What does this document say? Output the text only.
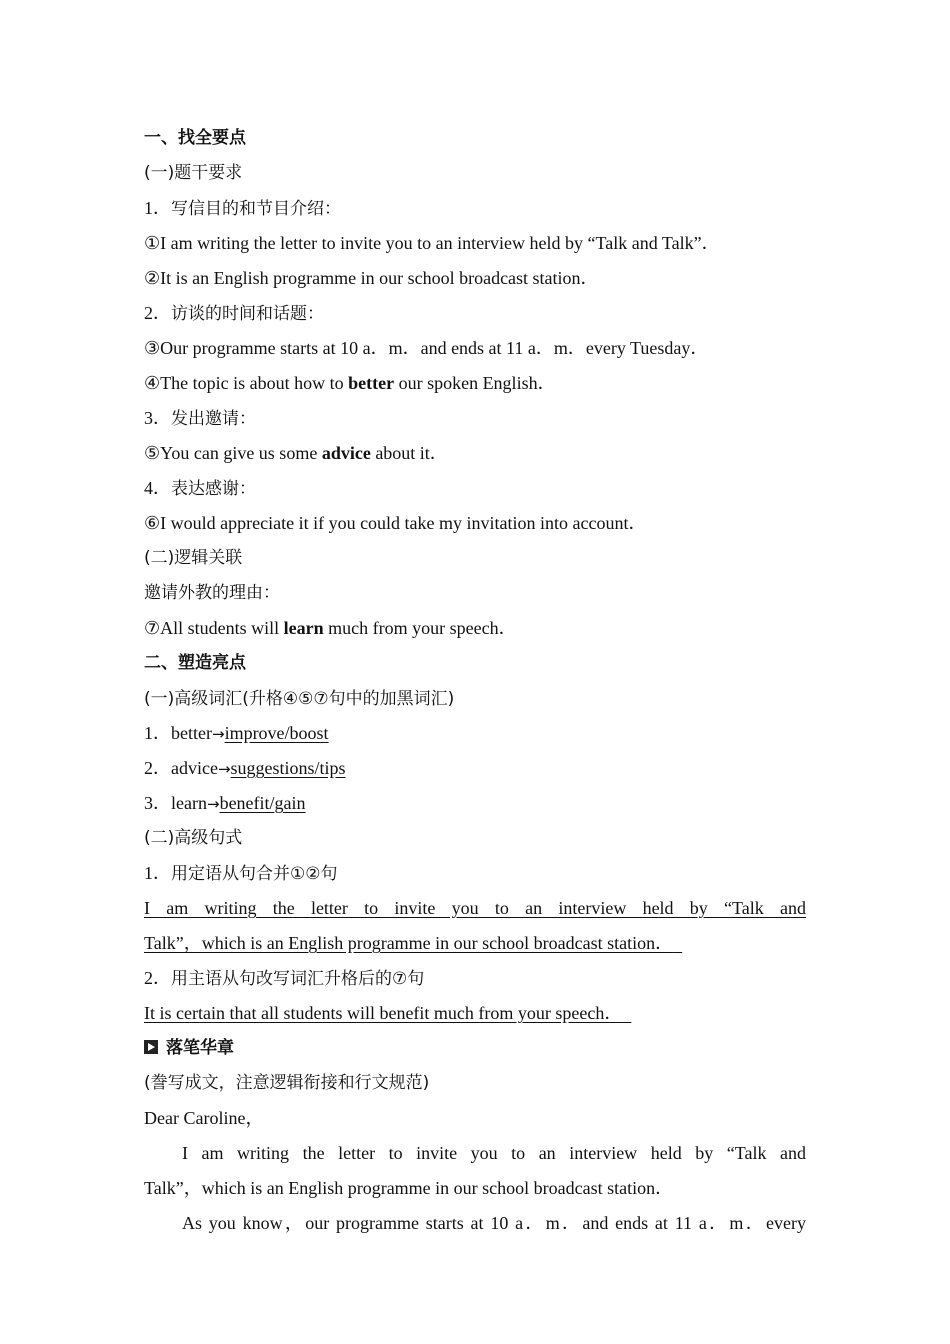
一、找全要点
(一)题干要求
1．写信目的和节目介绍：
①I am writing the letter to invite you to an interview held by “Talk and Talk”．
②It is an English programme in our school broadcast station．
2．访谈的时间和话题：
③Our programme starts at 10 a．m．and ends at 11 a．m．every Tuesday．
④The topic is about how to better our spoken English．
3．发出邀请：
⑤You can give us some advice about it．
4．表达感谢：
⑥I would appreciate it if you could take my invitation into account．
(二)逻辑关联
邀请外教的理由：
⑦All students will learn much from your speech．
二、塑造亮点
(一)高级词汇(升格④⑤⑦句中的加黑词汇)
1．better→improve/boost
2．advice→suggestions/tips
3．learn→benefit/gain
(二)高级句式
1．用定语从句合并①②句
I am writing the letter to invite you to an interview held by “Talk and
Talk”，which is an English programme in our school broadcast station．
2．用主语从句改写词汇升格后的⑦句
It is certain that all students will benefit much from your speech．
落笔华章
(誊写成文，注意逻辑衔接和行文规范)
Dear Caroline，
I am writing the letter to invite you to an interview held by “Talk and
Talk”，which is an English programme in our school broadcast station．
As you know，our programme starts at 10 a．m．and ends at 11 a．m．every
